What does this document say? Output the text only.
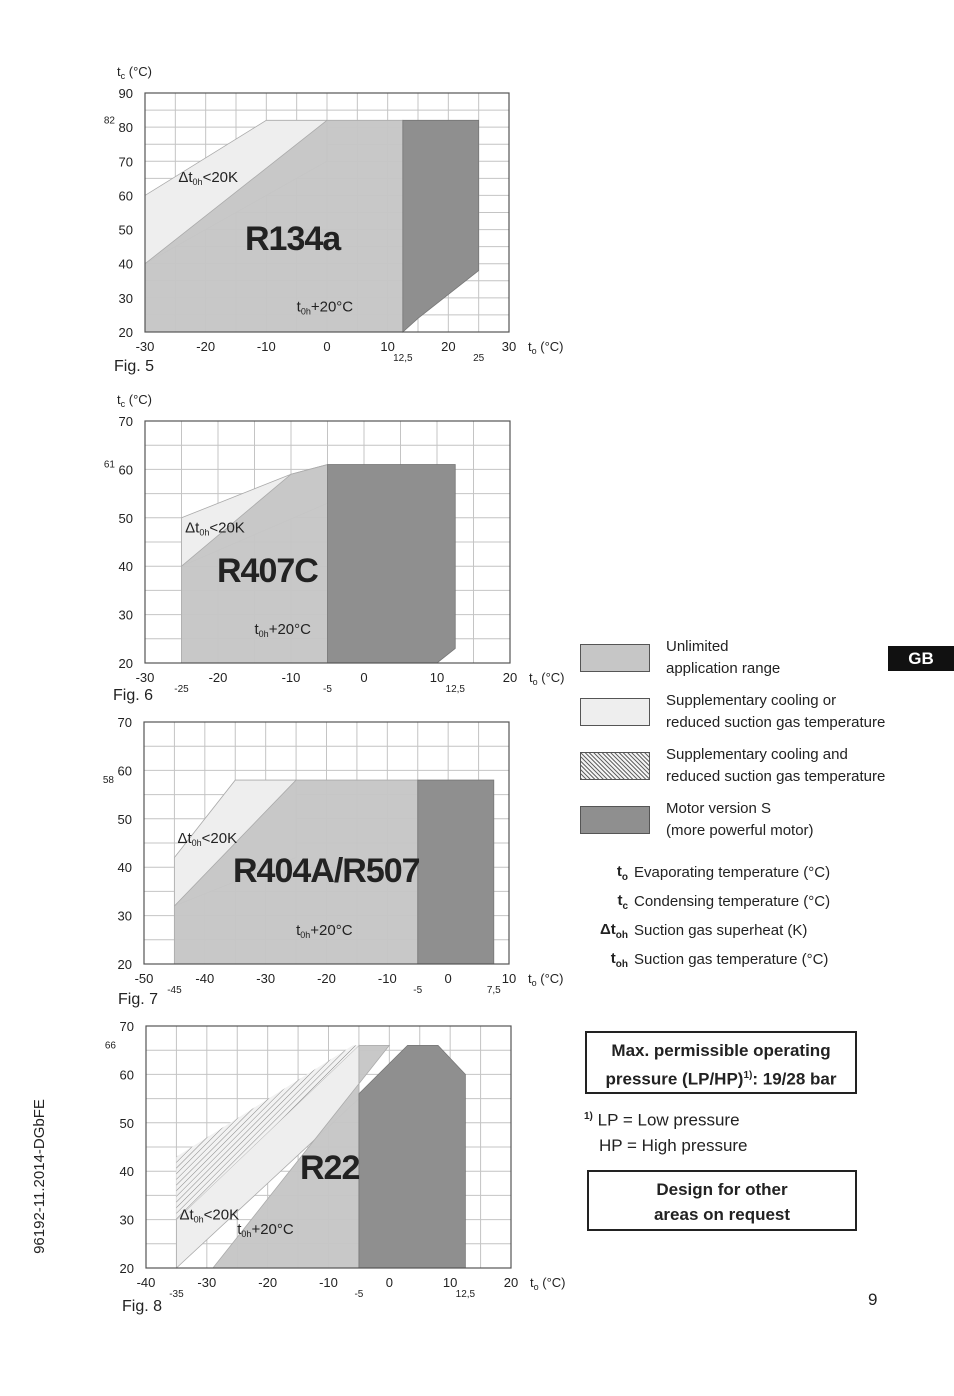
20
30
40
50
60
70
80
90
-30	-20	-10	0	10	20	30
12,5	25
82
$t_c$ (°C)
$t_o$ (°C)
R134a
$\Delta t_{0h}<20K$
$t_{0h}+20^\circ C$
20
30
40
50
60
70
-30	-20	-10	0	10	20
-25	-5	12,5
61
$t_c$ (°C)
$t_o$ (°C)
R407C
$\Delta t_{0h}<20K$
$t_{0h}+20^\circ C$
20
30
40
50
60
70
-50	-40	-30	-20	-10	0	10
-45	-5	7,5
58
$t_o$ (°C)
R404A/R507
$\Delta t_{0h}<20K$
$t_{0h}+20^\circ C$
20
30
40
50
60
70
-40	-30	-20	-10	0	10	20
-35	-5	12,5
66
$t_o$ (°C)
R22
$\Delta t_{0h}<20K$
$t_{0h}+20^\circ C$
Fig. 5
Fig. 6
Fig. 7
Fig. 8
Unlimited
application range
Supplementary cooling or
reduced suction gas temperature
Supplementary cooling and
reduced suction gas temperature
Motor version S
(more powerful motor)
$t_o$ Evaporating temperature (°C)
$t_c$ Condensing temperature (°C)
$\Delta t_{oh}$ Suction gas superheat (K)
$t_{oh}$ Suction gas temperature (°C)
GB
Max. permissible operating
pressure $(LP/HP)^{1)}$: 19/28 bar
$^{1)}$ LP = Low pressure
HP = High pressure
Design for other
areas on request
96192-11.2014-DGbFE
9
